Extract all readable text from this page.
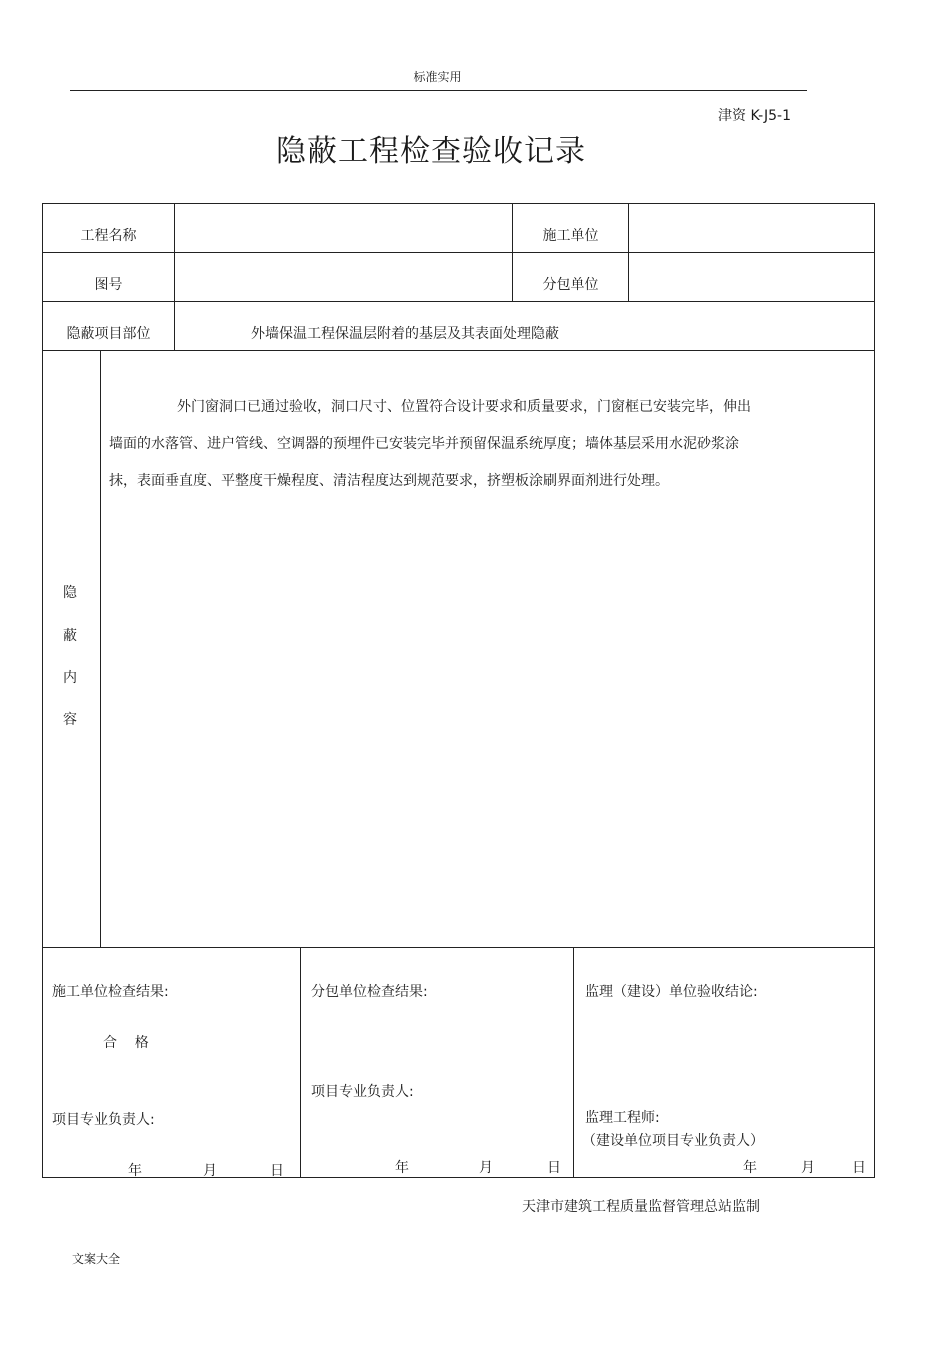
标准实用
津资 K-J5-1
隐蔽工程检查验收记录
工程名称	施工单位
图号	分包单位
隐蔽项目部位	外墙保温工程保温层附着的基层及其表面处理隐蔽
隐
蔽
内
容
外门窗洞口已通过验收，洞口尺寸、位置符合设计要求和质量要求，门窗框已安装完毕，伸出
墙面的水落管、进户管线、空调器的预埋件已安装完毕并预留保温系统厚度；墙体基层采用水泥砂浆涂
抹，表面垂直度、平整度干燥程度、清洁程度达到规范要求，挤塑板涂刷界面剂进行处理。
施工单位检查结果:
合    格
项目专业负责人:
年	月	日
分包单位检查结果:
项目专业负责人:
年	月	日
监理（建设）单位验收结论:
监理工程师:
（建设单位项目专业负责人）
年	月	日
天津市建筑工程质量监督管理总站监制
文案大全
